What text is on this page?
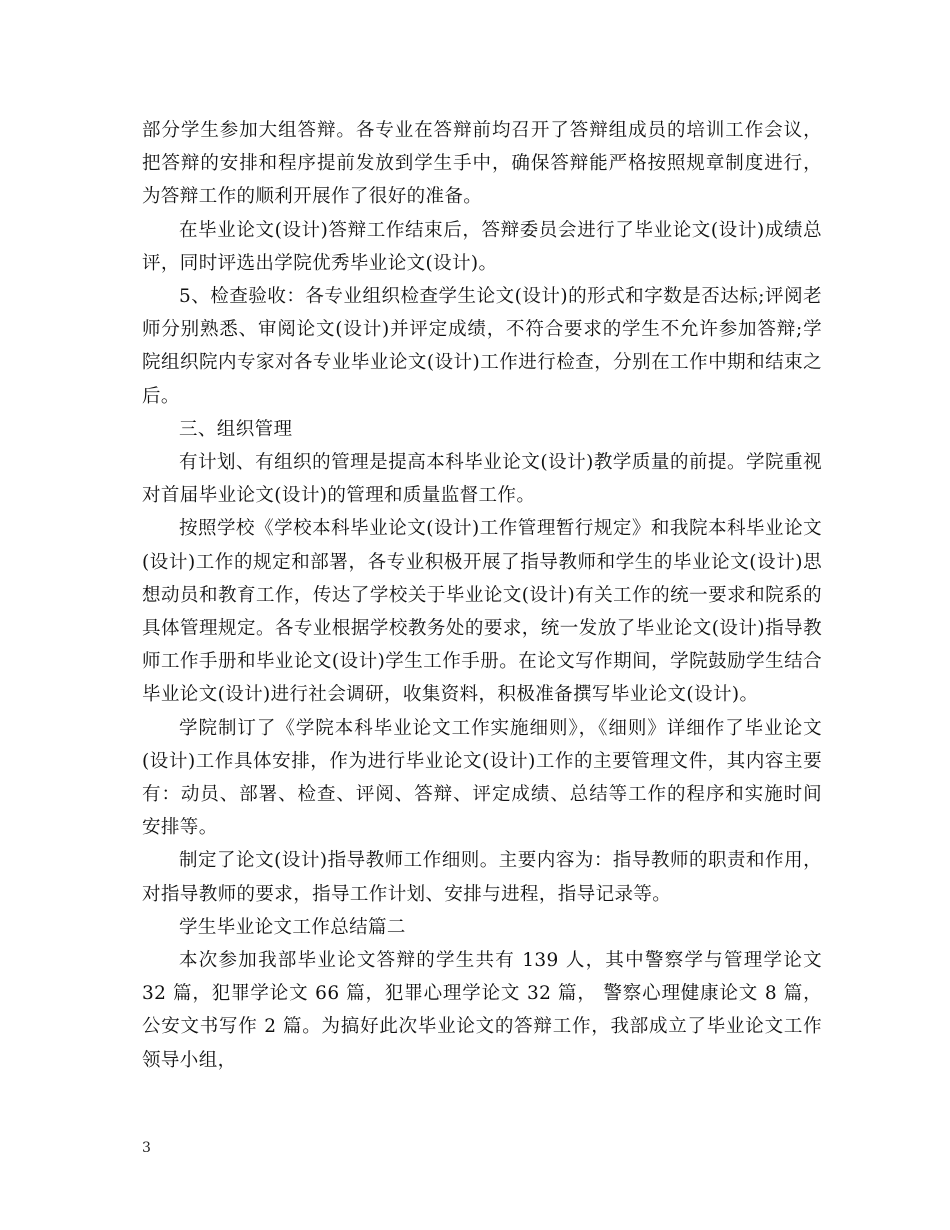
部分学生参加大组答辩。各专业在答辩前均召开了答辩组成员的培训工作会议，把答辩的安排和程序提前发放到学生手中，确保答辩能严格按照规章制度进行，为答辩工作的顺利开展作了很好的准备。

在毕业论文(设计)答辩工作结束后，答辩委员会进行了毕业论文(设计)成绩总评，同时评选出学院优秀毕业论文(设计)。

5、检查验收：各专业组织检查学生论文(设计)的形式和字数是否达标;评阅老师分别熟悉、审阅论文(设计)并评定成绩，不符合要求的学生不允许参加答辩;学院组织院内专家对各专业毕业论文(设计)工作进行检查，分别在工作中期和结束之后。

三、组织管理

有计划、有组织的管理是提高本科毕业论文(设计)教学质量的前提。学院重视对首届毕业论文(设计)的管理和质量监督工作。

按照学校《学校本科毕业论文(设计)工作管理暂行规定》和我院本科毕业论文(设计)工作的规定和部署，各专业积极开展了指导教师和学生的毕业论文(设计)思想动员和教育工作，传达了学校关于毕业论文(设计)有关工作的统一要求和院系的具体管理规定。各专业根据学校教务处的要求，统一发放了毕业论文(设计)指导教师工作手册和毕业论文(设计)学生工作手册。在论文写作期间，学院鼓励学生结合毕业论文(设计)进行社会调研，收集资料，积极准备撰写毕业论文(设计)。

学院制订了《学院本科毕业论文工作实施细则》，《细则》详细作了毕业论文(设计)工作具体安排，作为进行毕业论文(设计)工作的主要管理文件，其内容主要有：动员、部署、检查、评阅、答辩、评定成绩、总结等工作的程序和实施时间安排等。

制定了论文(设计)指导教师工作细则。主要内容为：指导教师的职责和作用，对指导教师的要求，指导工作计划、安排与进程，指导记录等。

学生毕业论文工作总结篇二

本次参加我部毕业论文答辩的学生共有 139 人，其中警察学与管理学论文 32 篇，犯罪学论文 66 篇，犯罪心理学论文 32 篇， 警察心理健康论文 8 篇，公安文书写作 2 篇。为搞好此次毕业论文的答辩工作，我部成立了毕业论文工作领导小组，

3
